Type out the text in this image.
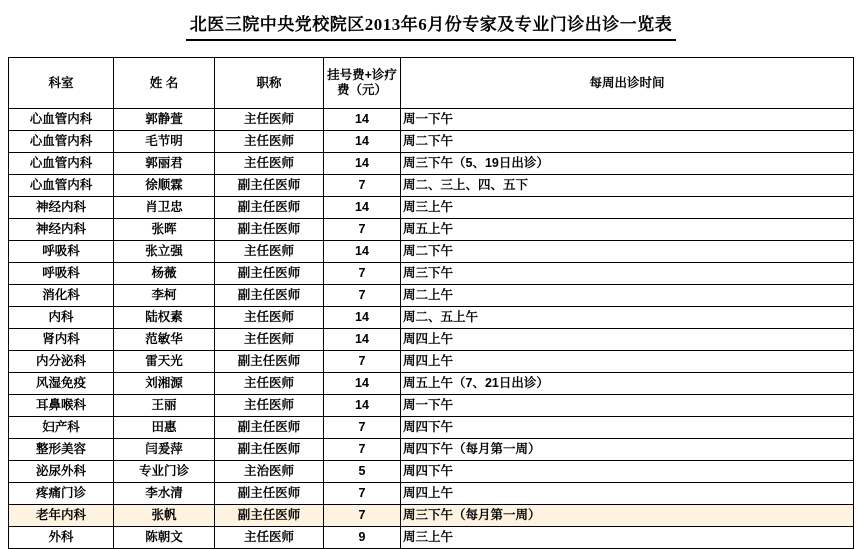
北医三院中央党校院区2013年6月份专家及专业门诊出诊一览表
科室	姓 名	职称	挂号费+诊疗费（元）	每周出诊时间
心血管内科	郭静萱	主任医师	14	周一下午
心血管内科	毛节明	主任医师	14	周二下午
心血管内科	郭丽君	主任医师	14	周三下午（5、19日出诊）
心血管内科	徐顺霖	副主任医师	7	周二、三上、四、五下
神经内科	肖卫忠	副主任医师	14	周三上午
神经内科	张晖	副主任医师	7	周五上午
呼吸科	张立强	主任医师	14	周二下午
呼吸科	杨薇	副主任医师	7	周三下午
消化科	李柯	副主任医师	7	周二上午
内科	陆权素	主任医师	14	周二、五上午
肾内科	范敏华	主任医师	14	周四上午
内分泌科	雷天光	副主任医师	7	周四上午
风湿免疫	刘湘源	主任医师	14	周五上午（7、21日出诊）
耳鼻喉科	王丽	主任医师	14	周一下午
妇产科	田惠	副主任医师	7	周四下午
整形美容	闫爰萍	副主任医师	7	周四下午（每月第一周）
泌尿外科	专业门诊	主治医师	5	周四下午
疼痛门诊	李水清	副主任医师	7	周四上午
老年内科	张帆	副主任医师	7	周三下午（每月第一周）
外科	陈朝文	主任医师	9	周三上午
